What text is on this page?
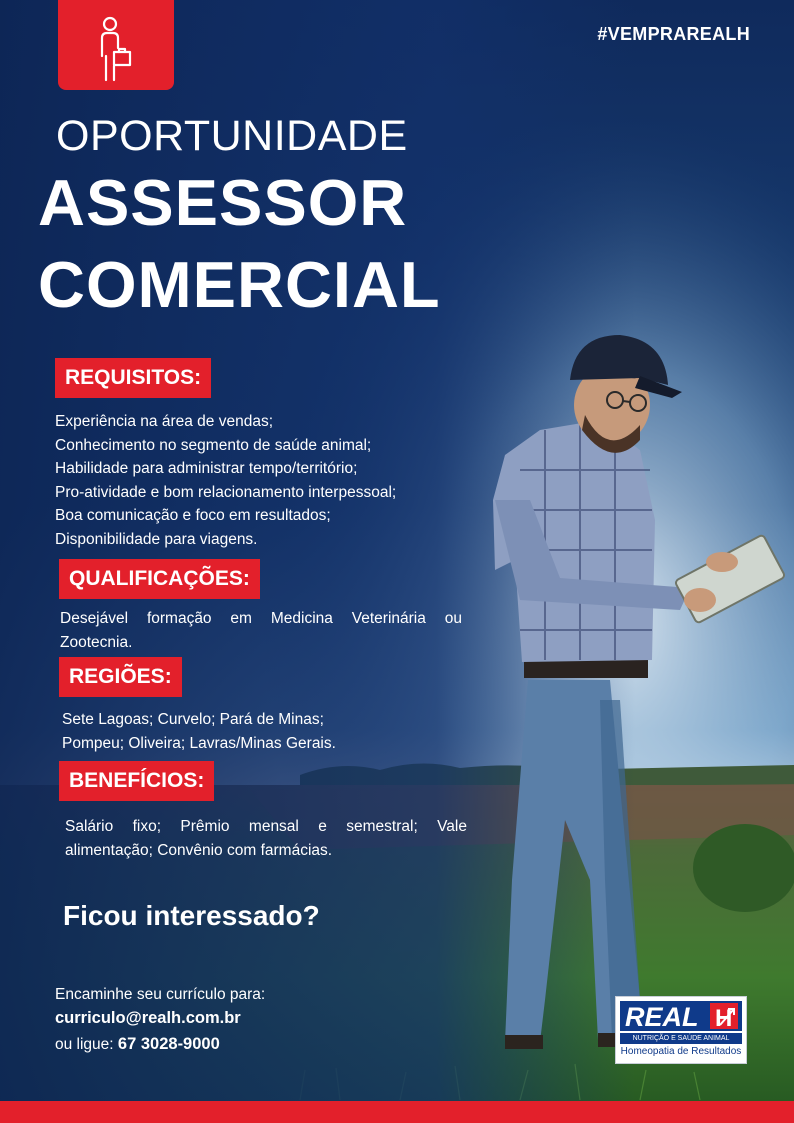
#VEMPRAREALH
OPORTUNIDADE
ASSESSOR
COMERCIAL
REQUISITOS:
Experiência na área de vendas;
Conhecimento no segmento de saúde animal;
Habilidade para administrar tempo/território;
Pro-atividade e bom relacionamento interpessoal;
Boa comunicação e foco em resultados;
Disponibilidade para viagens.
QUALIFICAÇÕES:
Desejável formação em Medicina Veterinária ou Zootecnia.
REGIÕES:
Sete Lagoas; Curvelo; Pará de Minas;
Pompeu; Oliveira; Lavras/Minas Gerais.
BENEFÍCIOS:
Salário fixo; Prêmio mensal e semestral; Vale alimentação; Convênio com farmácias.
Ficou interessado?
Encaminhe seu currículo para:
curriculo@realh.com.br
ou ligue: 67 3028-9000
REAL H
NUTRIÇÃO E SAÚDE ANIMAL
Homeopatia de Resultados
